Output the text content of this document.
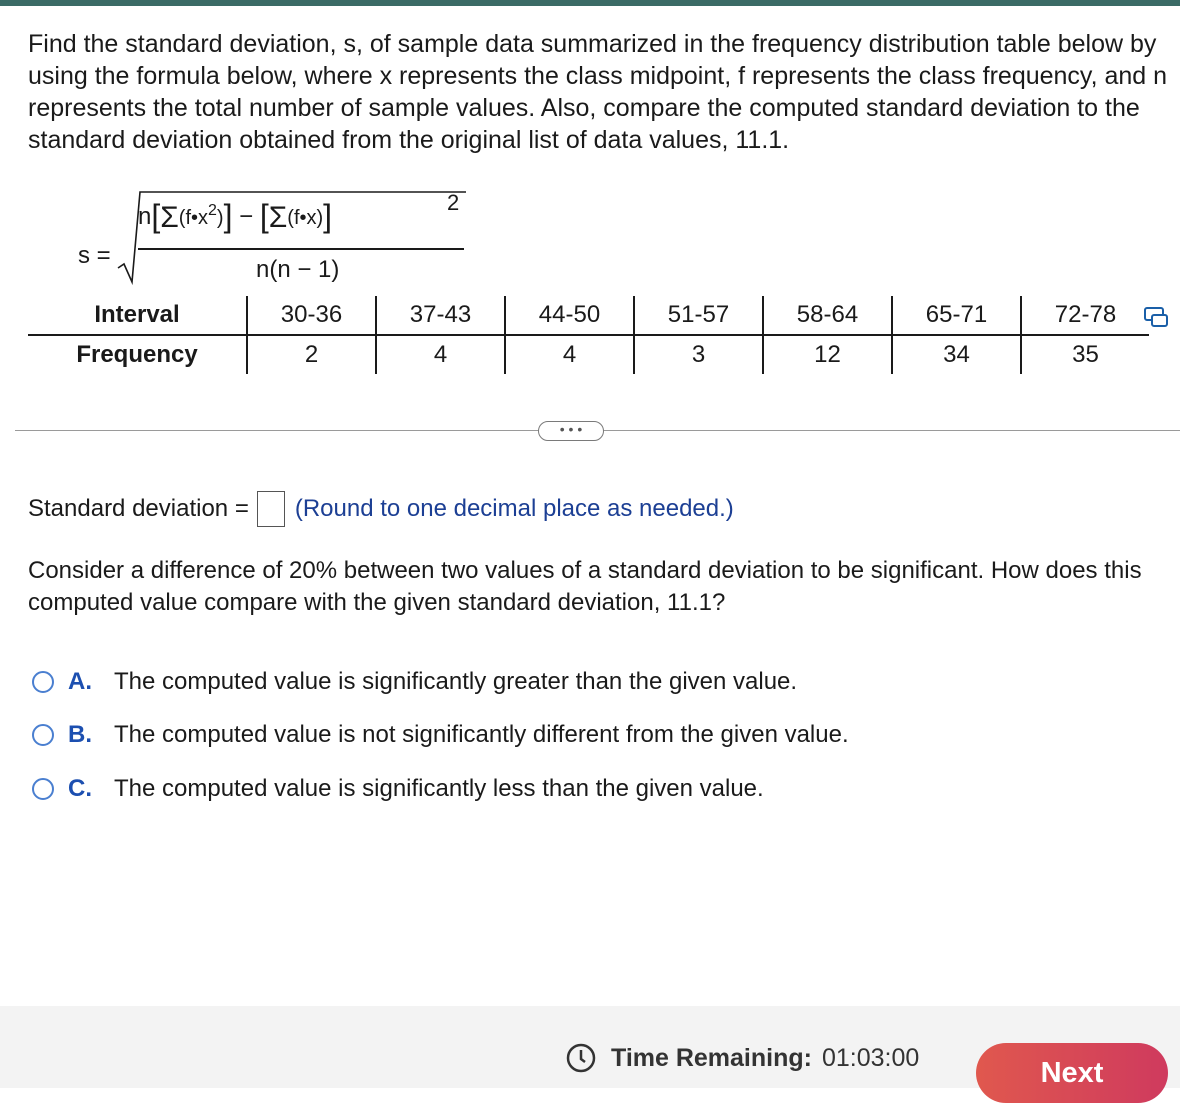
Find the standard deviation, s, of sample data summarized in the frequency distribution table below by using the formula below, where x represents the class midpoint, f represents the class frequency, and n represents the total number of sample values. Also, compare the computed standard deviation to the standard deviation obtained from the original list of data values, 11.1.

s =
$n[\Sigma(f•x^2)]$ − [Σ(f•x)]	2
n(n − 1)
Interval	30-36	37-43	44-50	51-57	58-64	65-71	72-78
Frequency	2	4	4	3	12	34	35
• • •
Standard deviation = (Round to one decimal place as needed.)

Consider a difference of 20% between two values of a standard deviation to be significant. How does this computed value compare with the given standard deviation, 11.1?

A. The computed value is significantly greater than the given value.
B. The computed value is not significantly different from the given value.
C. The computed value is significantly less than the given value.
Time Remaining: 01:03:00	Next
